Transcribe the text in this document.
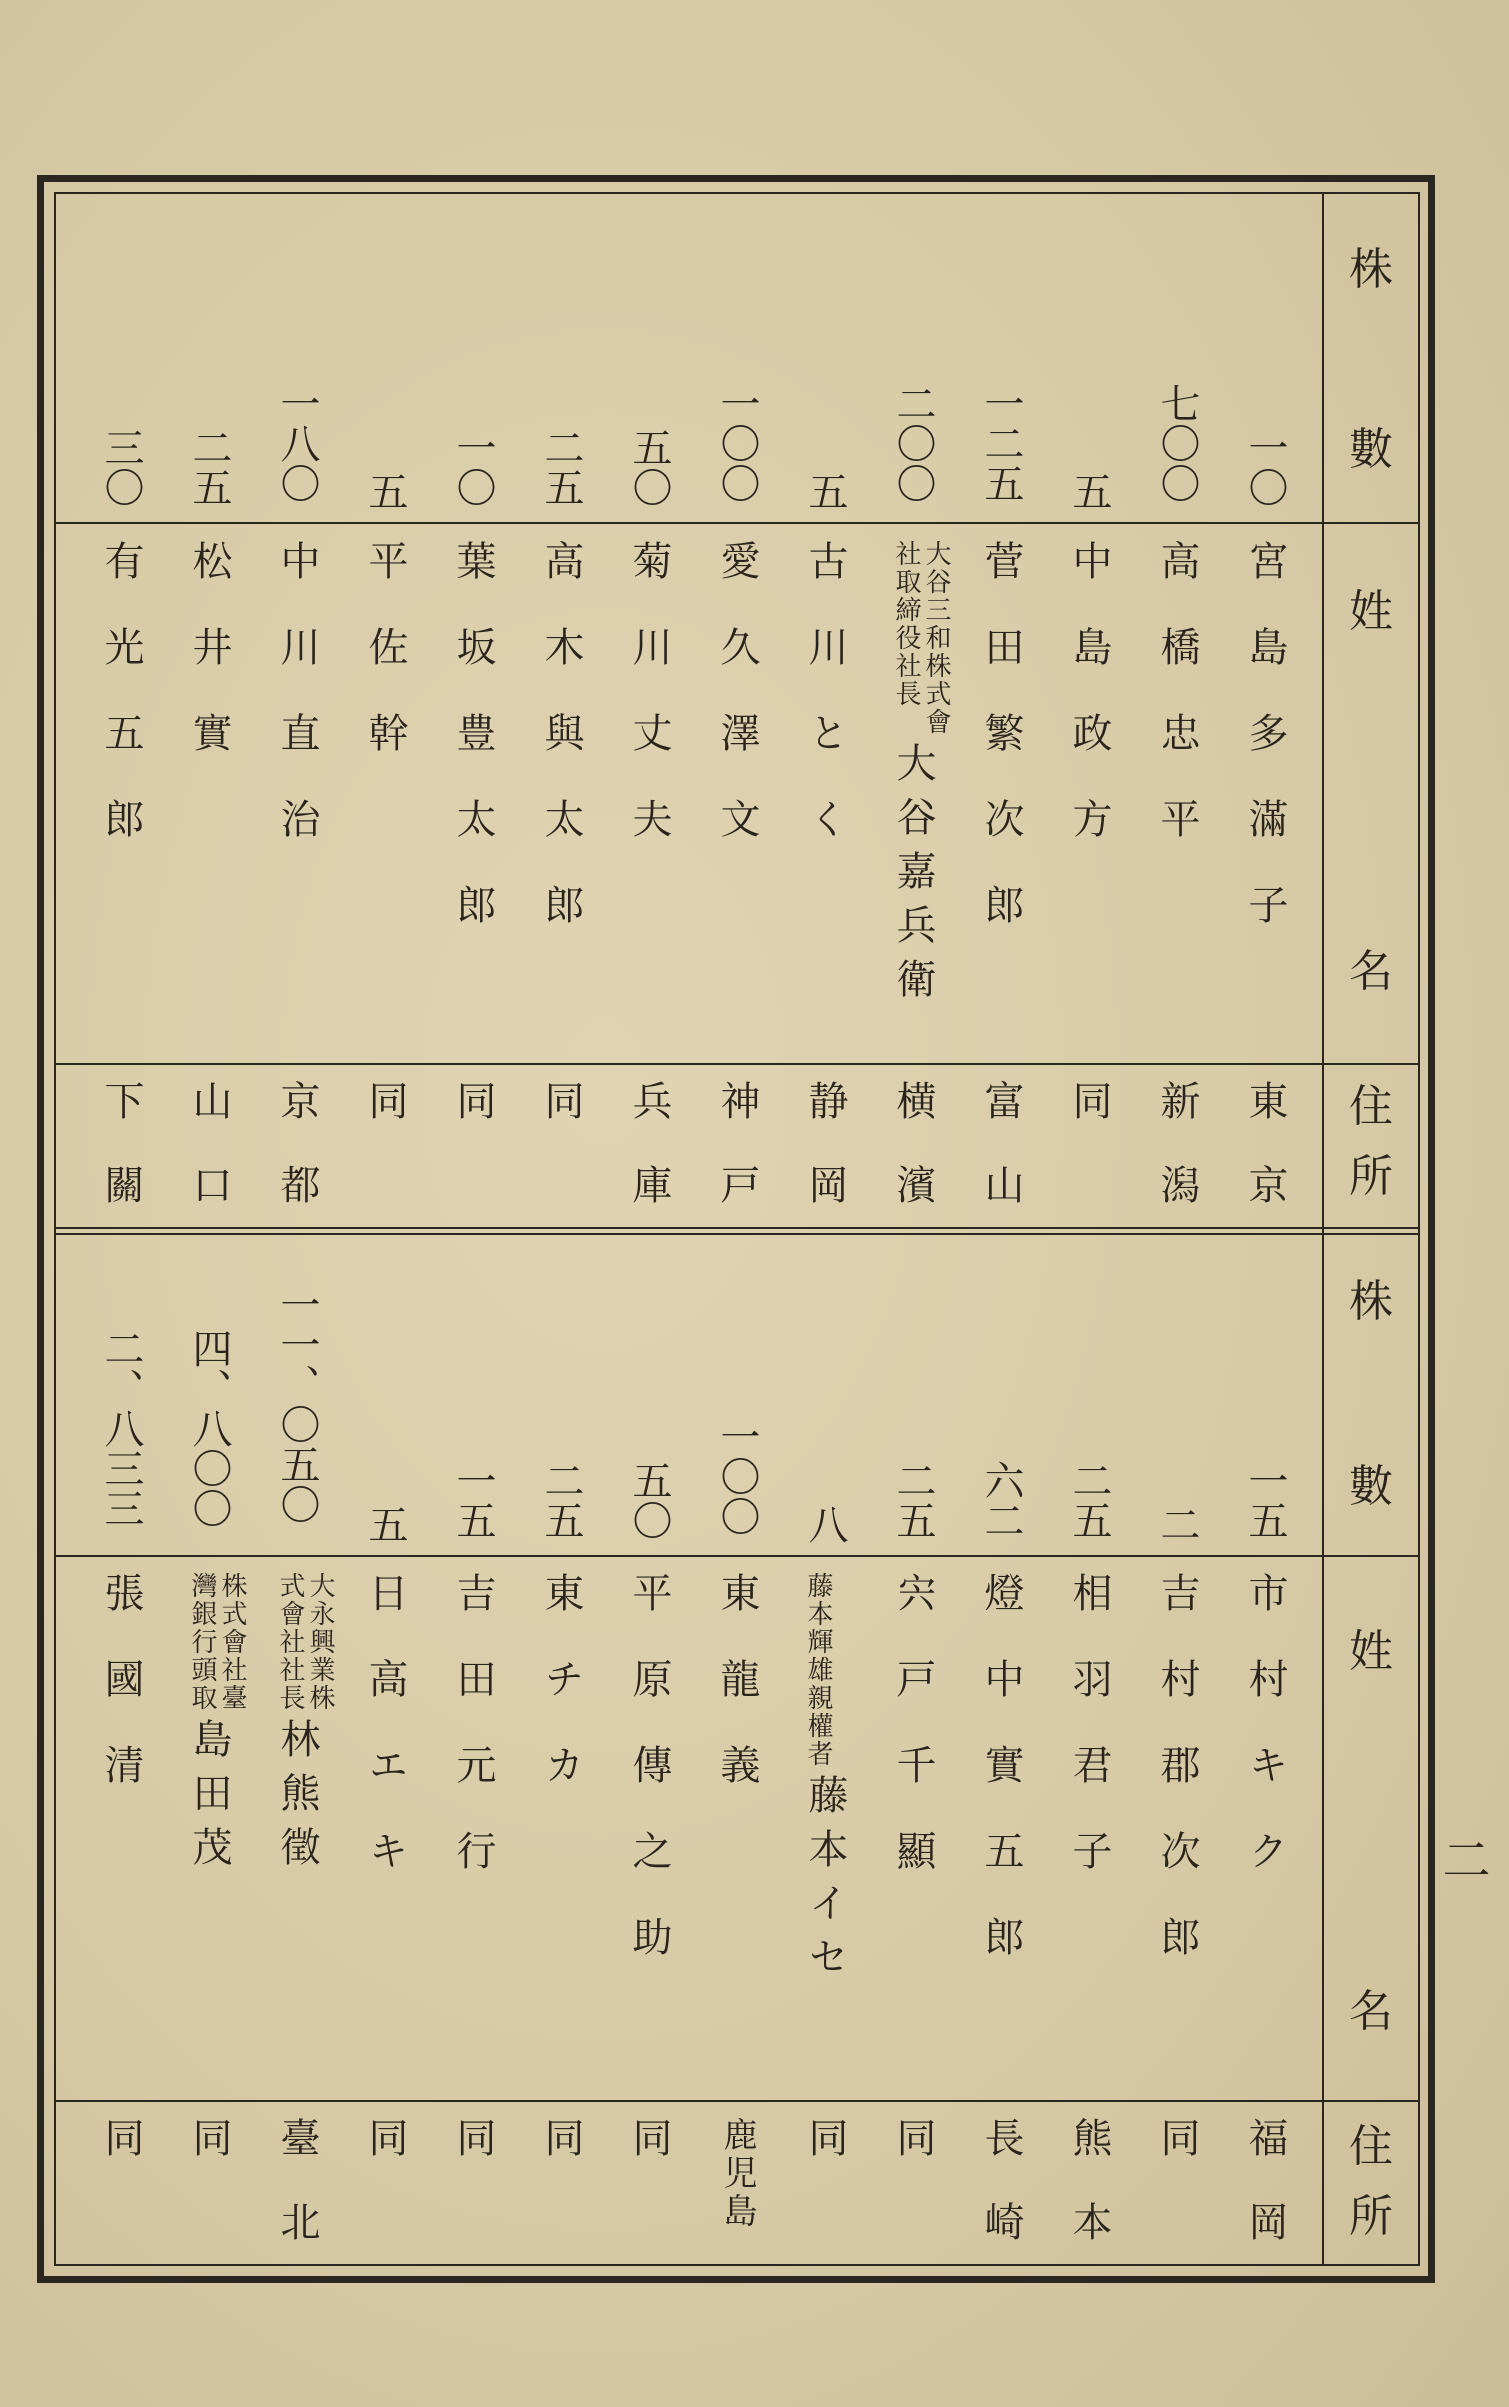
株
數
姓
名
住
所
株
數
姓
名
住
所
一〇
宮島多滿子
東京
七〇〇
高橋忠平
新潟
五
中島政方
同
一二五
菅田繁次郎
富山
二〇〇
大谷三和株式會社取締役社長
大谷嘉兵衛
横濱
五
古川とく
静岡
一〇〇
愛久澤文
神戸
五〇
菊川丈夫
兵庫
二五
高木與太郎
同
一〇
葉坂豊太郎
同
五
平佐幹
同
一八〇
中川直治
京都
二五
松井實
山口
三〇
有光五郎
下關
一五
市村キク
福岡
二
吉村郡次郎
同
二五
相羽君子
熊本
六二
燈中實五郎
長崎
二五
宍戸千顯
同
八
藤本輝雄親權者
藤本イセ
同
一〇〇
東龍義
鹿児島
五〇
平原傳之助
同
二五
東チカ
同
一五
吉田元行
同
五
日高エキ
同
一一、〇五〇
大永興業株式會社社長
林熊徵
臺北
四、八〇〇
株式會社臺灣銀行頭取
島田茂
同
二、八三三
張國清
同
二
